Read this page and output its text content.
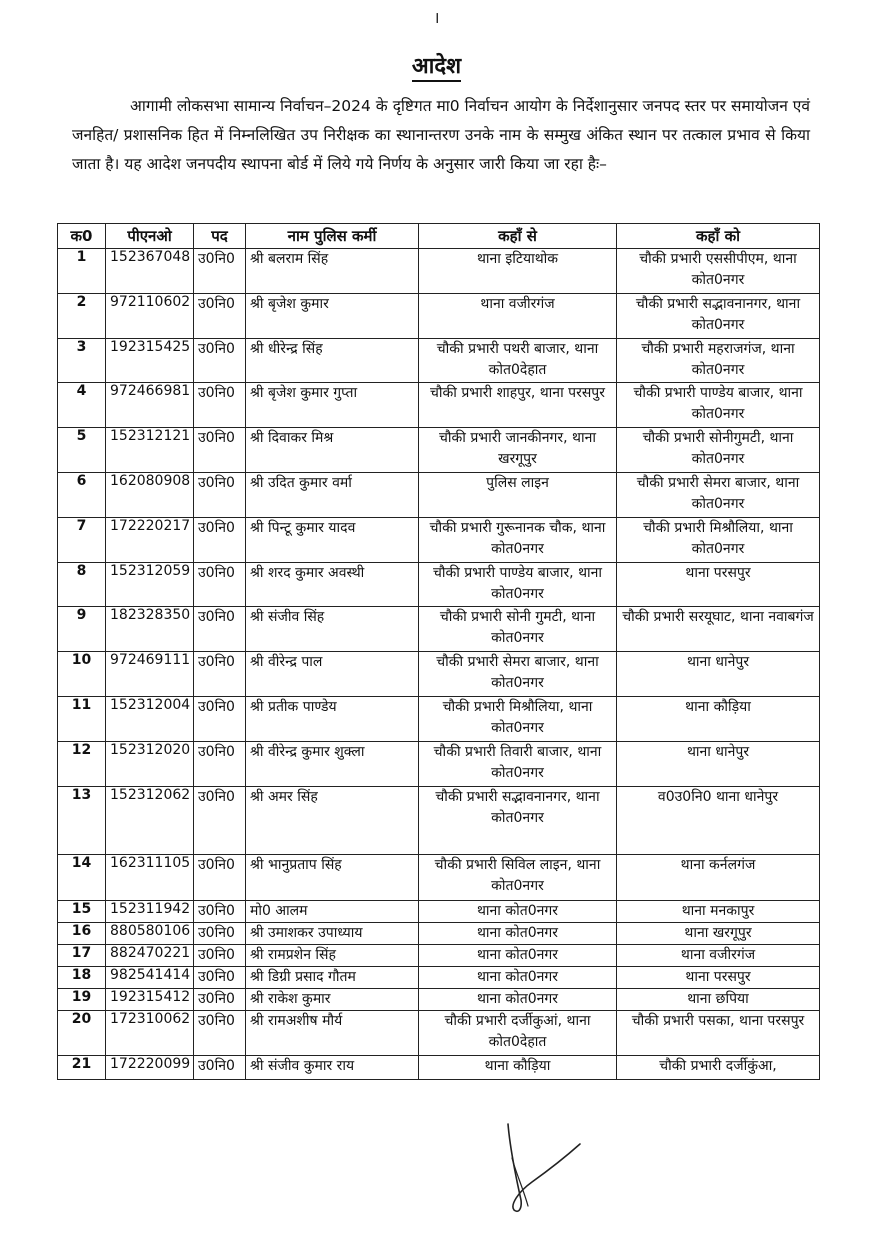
।
आदेश
आगामी लोकसभा सामान्य निर्वाचन–2024 के दृष्टिगत मा0 निर्वाचन आयोग के निर्देशानुसार जनपद स्तर पर समायोजन एवं जनहित/ प्रशासनिक हित में निम्नलिखित उप निरीक्षक का स्थानान्तरण उनके नाम के सम्मुख अंकित स्थान पर तत्काल प्रभाव से किया जाता है। यह आदेश जनपदीय स्थापना बोर्ड में लिये गये निर्णय के अनुसार जारी किया जा रहा हैः–
क0	पीएनओ	पद	नाम पुलिस कर्मी	कहाँ से	कहाँ को
1	152367048	उ0नि0	श्री बलराम सिंह	थाना इटियाथोक	चौकी प्रभारी एससीपीएम, थाना कोत0नगर
2	972110602	उ0नि0	श्री बृजेश कुमार	थाना वजीरगंज	चौकी प्रभारी सद्भावनानगर, थाना कोत0नगर
3	192315425	उ0नि0	श्री धीरेन्द्र सिंह	चौकी प्रभारी पथरी बाजार, थाना कोत0देहात	चौकी प्रभारी महराजगंज, थाना कोत0नगर
4	972466981	उ0नि0	श्री बृजेश कुमार गुप्ता	चौकी प्रभारी शाहपुर, थाना परसपुर	चौकी प्रभारी पाण्डेय बाजार, थाना कोत0नगर
5	152312121	उ0नि0	श्री दिवाकर मिश्र	चौकी प्रभारी जानकीनगर, थाना खरगूपुर	चौकी प्रभारी सोनीगुमटी, थाना कोत0नगर
6	162080908	उ0नि0	श्री उदित कुमार वर्मा	पुलिस लाइन	चौकी प्रभारी सेमरा बाजार, थाना कोत0नगर
7	172220217	उ0नि0	श्री पिन्टू कुमार यादव	चौकी प्रभारी गुरूनानक चौक, थाना कोत0नगर	चौकी प्रभारी मिश्रौलिया, थाना कोत0नगर
8	152312059	उ0नि0	श्री शरद कुमार अवस्थी	चौकी प्रभारी पाण्डेय बाजार, थाना कोत0नगर	थाना परसपुर
9	182328350	उ0नि0	श्री संजीव सिंह	चौकी प्रभारी सोनी गुमटी, थाना कोत0नगर	चौकी प्रभारी सरयूघाट, थाना नवाबगंज
10	972469111	उ0नि0	श्री वीरेन्द्र पाल	चौकी प्रभारी सेमरा बाजार, थाना कोत0नगर	थाना धानेपुर
11	152312004	उ0नि0	श्री प्रतीक पाण्डेय	चौकी प्रभारी मिश्रौलिया, थाना कोत0नगर	थाना कौड़िया
12	152312020	उ0नि0	श्री वीरेन्द्र कुमार शुक्ला	चौकी प्रभारी तिवारी बाजार, थाना कोत0नगर	थाना धानेपुर
13	152312062	उ0नि0	श्री अमर सिंह	चौकी प्रभारी सद्भावनानगर, थाना कोत0नगर	व0उ0नि0 थाना धानेपुर
14	162311105	उ0नि0	श्री भानुप्रताप सिंह	चौकी प्रभारी सिविल लाइन, थाना कोत0नगर	थाना कर्नलगंज
15	152311942	उ0नि0	मो0 आलम	थाना कोत0नगर	थाना मनकापुर
16	880580106	उ0नि0	श्री उमाशकर उपाध्याय	थाना कोत0नगर	थाना खरगूपुर
17	882470221	उ0नि0	श्री रामप्रशेन सिंह	थाना कोत0नगर	थाना वजीरगंज
18	982541414	उ0नि0	श्री डिग्री प्रसाद गौतम	थाना कोत0नगर	थाना परसपुर
19	192315412	उ0नि0	श्री राकेश कुमार	थाना कोत0नगर	थाना छपिया
20	172310062	उ0नि0	श्री रामअशीष मौर्य	चौकी प्रभारी दर्जीकुआं, थाना कोत0देहात	चौकी प्रभारी पसका, थाना परसपुर
21	172220099	उ0नि0	श्री संजीव कुमार राय	थाना कौड़िया	चौकी प्रभारी दर्जीकुंआ,
